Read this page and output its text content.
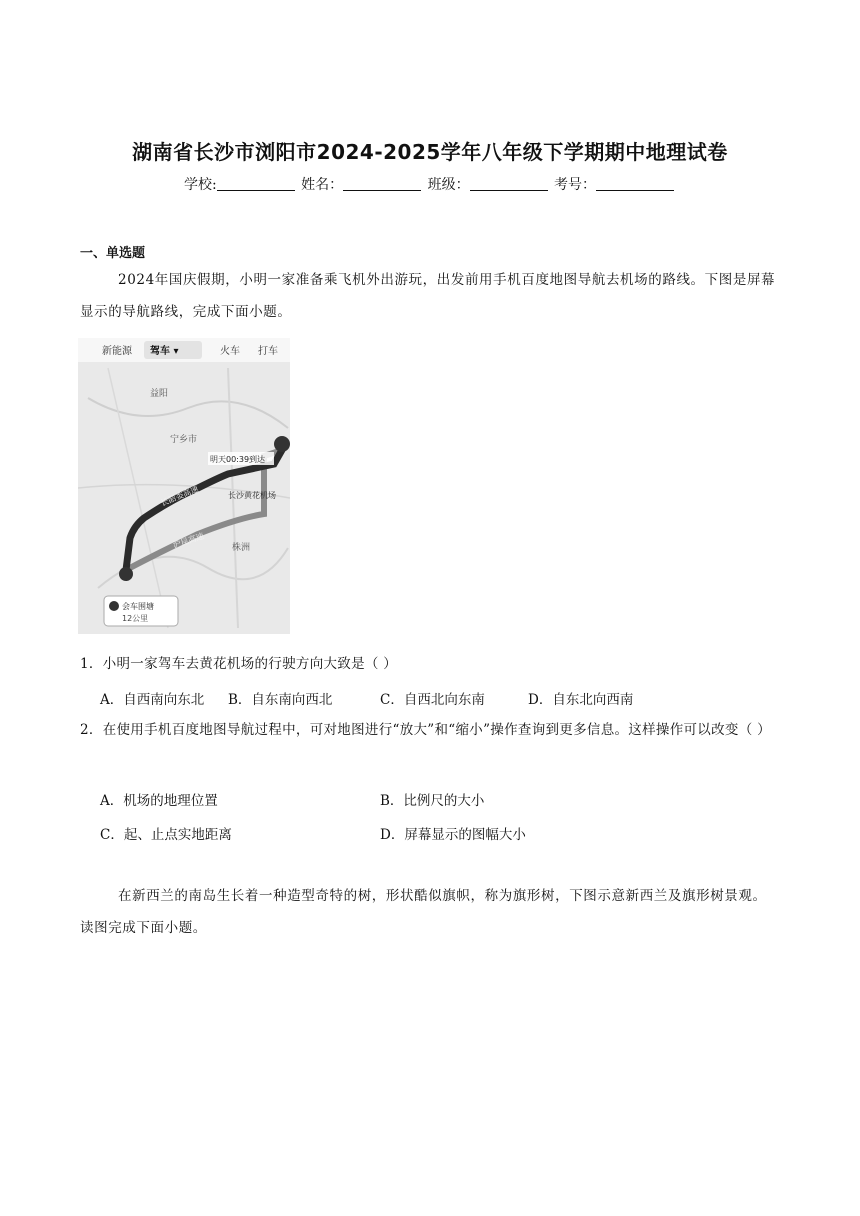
湖南省长沙市浏阳市2024-2025学年八年级下学期期中地理试卷
学校:	姓名：	班级：	考号：
一、单选题
2024年国庆假期，小明一家准备乘飞机外出游玩，出发前用手机百度地图导航去机场的路线。下图是屏幕显示的导航路线，完成下面小题。
新能源 驾车 ▾	火车 打车
益阳
宁乡市
明天00:39到达
长沙黄花机场
长韶娄高速
沪昆高速	株洲
会车围塘
12公里
1．小明一家驾车去黄花机场的行驶方向大致是（ ）
A．自西南向东北 B．自东南向西北	C．自西北向东南	D．自东北向西南
2．在使用手机百度地图导航过程中，可对地图进行“放大”和“缩小”操作查询到更多信息。这样操作可以改变（ ）
A．机场的地理位置	B．比例尺的大小
C．起、止点实地距离	D．屏幕显示的图幅大小
在新西兰的南岛生长着一种造型奇特的树，形状酷似旗帜，称为旗形树，下图示意新西兰及旗形树景观。读图完成下面小题。
